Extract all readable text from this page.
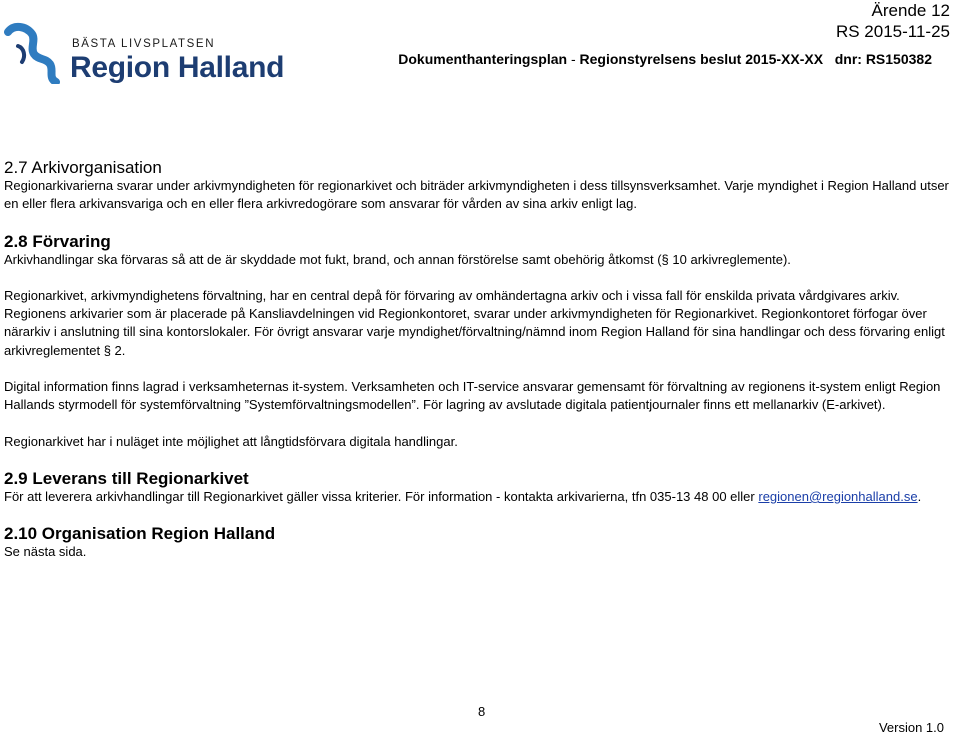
BÄSTA LIVSPLATSEN
Region Halland
Ärende 12
RS 2015-11-25
Dokumenthanteringsplan - Regionstyrelsens beslut 2015-XX-XX dnr: RS150382
2.7 Arkivorganisation

Regionarkivarierna svarar under arkivmyndigheten för regionarkivet och biträder arkivmyndigheten i dess tillsynsverksamhet. Varje myndighet i Region Halland utser en eller flera arkivansvariga och en eller flera arkivredogörare som ansvarar för vården av sina arkiv enligt lag.

2.8 Förvaring

Arkivhandlingar ska förvaras så att de är skyddade mot fukt, brand, och annan förstörelse samt obehörig åtkomst (§ 10 arkivreglemente).

Regionarkivet, arkivmyndighetens förvaltning, har en central depå för förvaring av omhändertagna arkiv och i vissa fall för enskilda privata vårdgivares arkiv. Regionens arkivarier som är placerade på Kansliavdelningen vid Regionkontoret, svarar under arkivmyndigheten för Regionarkivet. Regionkontoret förfogar över närarkiv i anslutning till sina kontorslokaler. För övrigt ansvarar varje myndighet/förvaltning/nämnd inom Region Halland för sina handlingar och dess förvaring enligt arkivreglementet § 2.

Digital information finns lagrad i verksamheternas it-system. Verksamheten och IT-service ansvarar gemensamt för förvaltning av regionens it-system enligt Region Hallands styrmodell för systemförvaltning ”Systemförvaltningsmodellen”. För lagring av avslutade digitala patientjournaler finns ett mellanarkiv (E-arkivet).

Regionarkivet har i nuläget inte möjlighet att långtidsförvara digitala handlingar.

2.9 Leverans till Regionarkivet

För att leverera arkivhandlingar till Regionarkivet gäller vissa kriterier. För information - kontakta arkivarierna, tfn 035-13 48 00 eller regionen@regionhalland.se.

2.10 Organisation Region Halland

Se nästa sida.

8
Version 1.0
